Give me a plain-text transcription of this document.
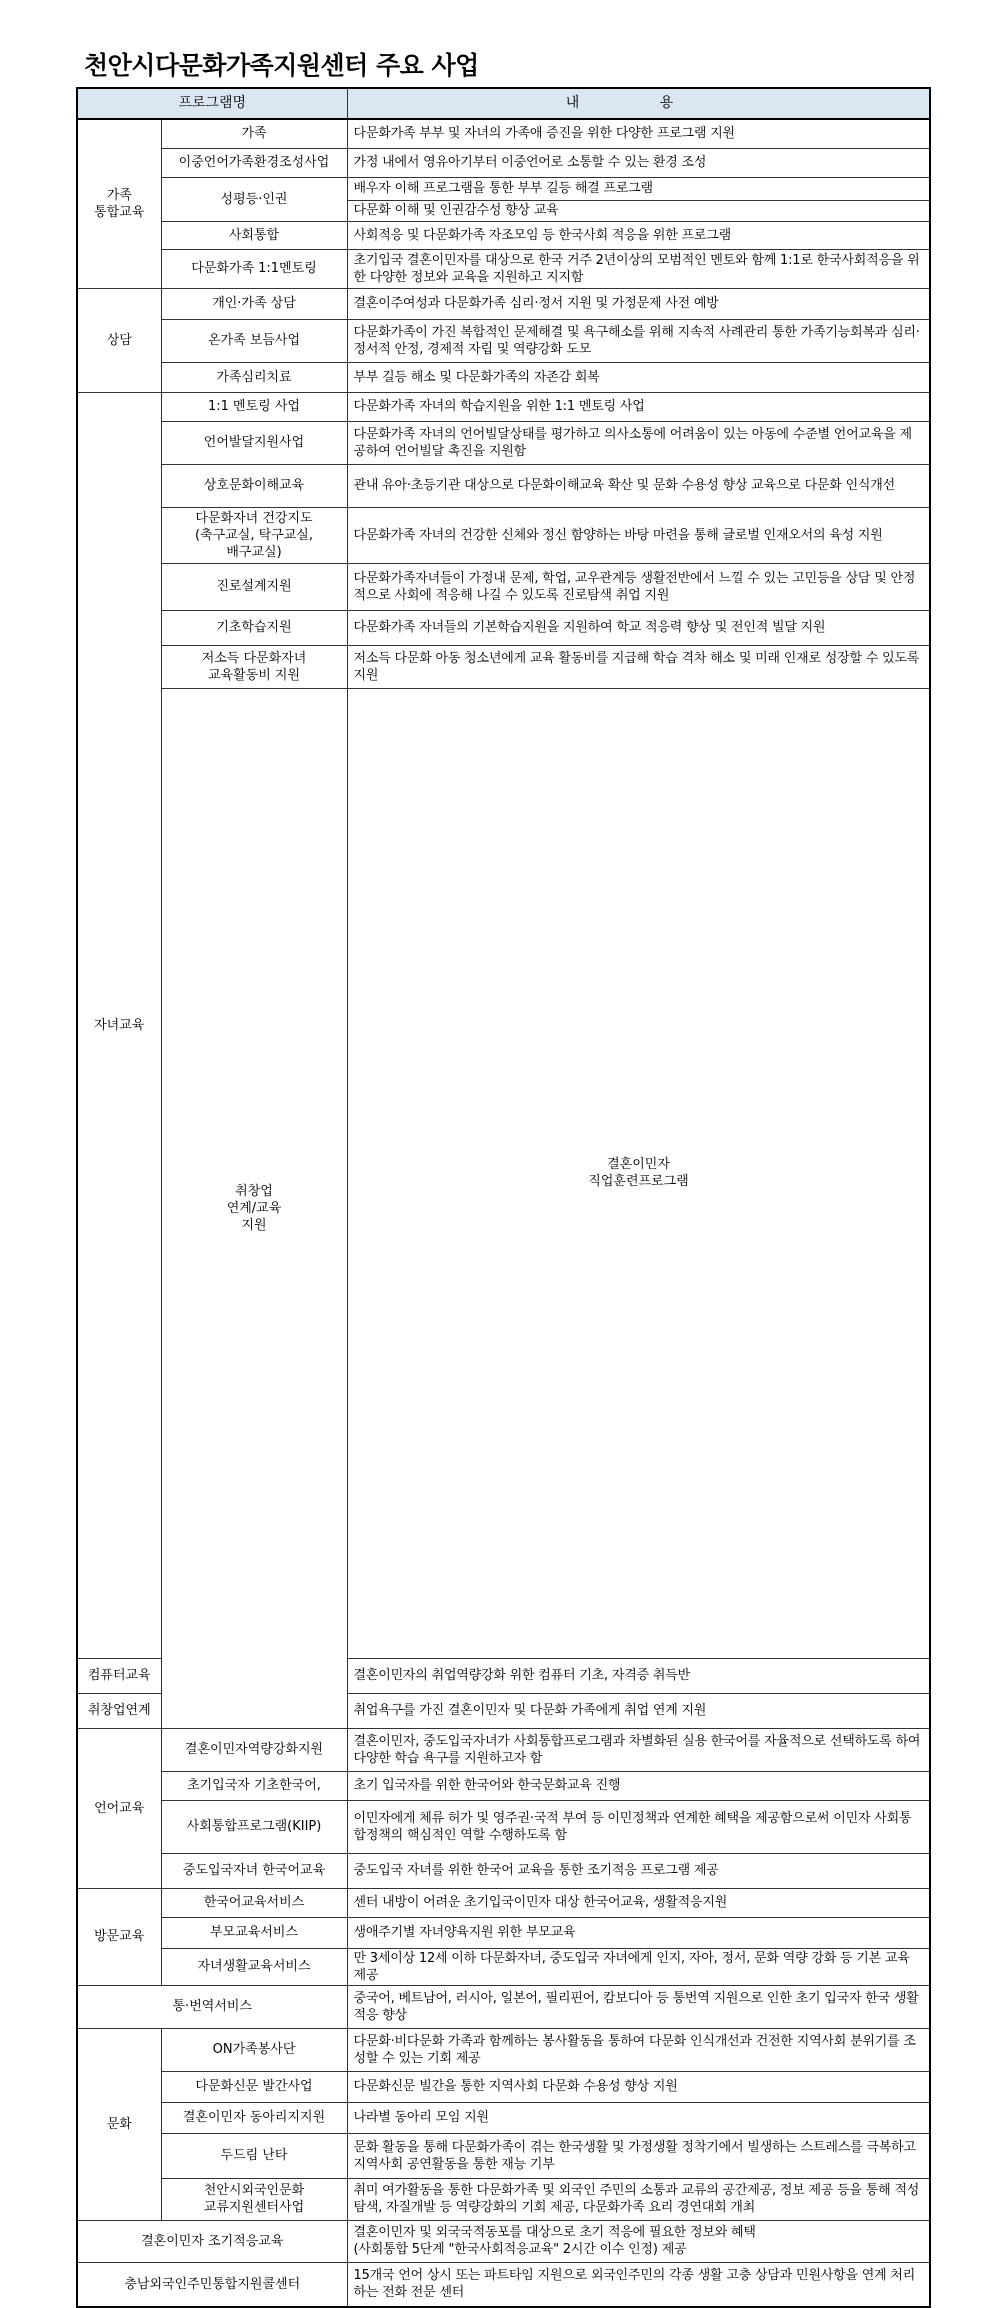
천안시다문화가족지원센터 주요 사업
프로그램명		내 용	
가족
통합교육	가족	다문화가족 부부 및 자녀의 가족애 증진을 위한 다양한 프로그램 지원	
	이중언어가족환경조성사업	가정 내에서 영유아기부터 이중언어로 소통할 수 있는 환경 조성	
	성평등·인권	배우자 이해 프로그램을 통한 부부 길등 해결 프로그램	
		다문화 이해 및 인권감수성 향상 교육	
	사회통합	사회적응 및 다문화가족 자조모임 등 한국사회 적응을 위한 프로그램	
	다문화가족 1:1멘토링	초기입국 결혼이민자를 대상으로 한국 거주 2년이상의 모범적인 멘토와 함께 1:1로 한국사회적응을 위한 다양한 정보와 교육을 지원하고 지지함	
상담	개인·가족 상담	결혼이주여성과 다문화가족 심리·정서 지원 및 가정문제 사전 예방	
	온가족 보듬사업	다문화가족이 가진 복합적인 문제해결 및 욕구해소를 위해 지속적 사례관리 통한 가족기능회복과 심리·정서적 안정, 경제적 자립 및 역량강화 도모	
	가족심리치료	부부 길등 해소 및 다문화가족의 자존감 회복	
자녀교육	1:1 멘토링 사업	다문화가족 자녀의 학습지원을 위한 1:1 멘토링 사업	
	언어발달지원사업	다문화가족 자녀의 언어빌달상태를 평가하고 의사소통에 어려움이 있는 아동에 수준별 언어교육을 제공하여 언어빌달 촉진을 지원함	
	상호문화이해교육	관내 유아·초등기관 대상으로 다문화이해교육 확산 및 문화 수용성 향상 교육으로 다문화 인식개선	
	다문화자녀 건강지도
(축구교실, 탁구교실,
배구교실)	다문화가족 자녀의 건강한 신체와 정신 함양하는 바탕 마련을 통해 글로벌 인재오서의 육성 지원	
	진로설계지원	다문화가족자녀들이 가정내 문제, 학업, 교우관계등 생활전반에서 느낄 수 있는 고민등을 상담 및 안정적으로 사회에 적응해 나길 수 있도록 진로탐색 취업 지원	
	기초학습지원	다문화가족 자녀들의 기본학습지원을 지원하여 학교 적응력 향상 및 전인적 빌달 지원	
	저소득 다문화자녀
교육활동비 지원	저소득 다문화 아동 청소년에게 교육 활동비를 지급해 학습 격차 해소 및 미래 인재로 성장할 수 있도록 지원	
	취창업
연계/교육
지원	결혼이민자
직업훈련프로그램	
컴퓨터교육		결혼이민자의 취업역량강화 위한 컴퓨터 기초, 자격증 취득반	
취창업연계		취업욕구를 가진 결혼이민자 및 다문화 가족에게 취업 연계 지원	
언어교육	결혼이민자역량강화지원	결혼이민자, 중도입국자녀가 사회통합프로그램과 차별화된 실용 한국어를 자율적으로 선택하도록 하여 다양한 학습 욕구를 지원하고자 함	
	초기입국자 기초한국어,	초기 입국자를 위한 한국어와 한국문화교육 진행	
	사회통합프로그램(KIIP)	이민자에게 체류 허가 및 영주권·국적 부여 등 이민정책과 연계한 혜택을 제공함으로써 이민자 사회통합정책의 핵심적인 역할 수행하도록 함	
	중도입국자녀 한국어교육	중도입국 자녀를 위한 한국어 교육을 통한 조기적응 프로그램 제공	
방문교육	한국어교육서비스	센터 내방이 어려운 초기입국이민자 대상 한국어교육, 생활적응지원	
	부모교육서비스	생애주기별 자녀양육지원 위한 부모교육	
	자녀생활교육서비스	만 3세이상 12세 이하 다문화자녀, 중도입국 자녀에게 인지, 자아, 정서, 문화 역량 강화 등 기본 교육 제공	
통·번역서비스		중국어, 베트남어, 러시아, 일본어, 필리핀어, 캄보디아 등 통번역 지원으로 인한 초기 입국자 한국 생활 적응 향상	
문화	ON가족봉사단	다문화·비다문화 가족과 함께하는 봉사활동을 통하여 다문화 인식개선과 건전한 지역사회 분위기를 조성할 수 있는 기회 제공	
	다문화신문 발간사업	다문화신문 빌간을 통한 지역사회 다문화 수용성 향상 지원	
	결혼이민자 동아리지지원	나라별 동아리 모임 지원	
	두드림 난타	문화 활동을 통해 다문화가족이 겪는 한국생활 및 가정생활 정착기에서 빌생하는 스트레스를 극복하고 지역사회 공연활동을 통한 재능 기부	
	천안시외국인문화
교류지원센터사업	취미 여가활동을 통한 다문화가족 및 외국인 주민의 소통과 교류의 공간제공, 정보 제공 등을 통해 적성탐색, 자질개발 등 역량강화의 기회 제공, 다문화가족 요리 경연대회 개최	
결혼이민자 조기적응교육		결혼이민자 및 외국국적동포를 대상으로 초기 적응에 필요한 정보와 혜택
(사회통합 5단계 "한국사회적응교육" 2시간 이수 인정) 제공	
충남외국인주민통합지원콜센터		15개국 언어 상시 또는 파트타임 지원으로 외국인주민의 각종 생활 고충 상담과 민원사항을 연계 처리하는 전화 전문 센터	
